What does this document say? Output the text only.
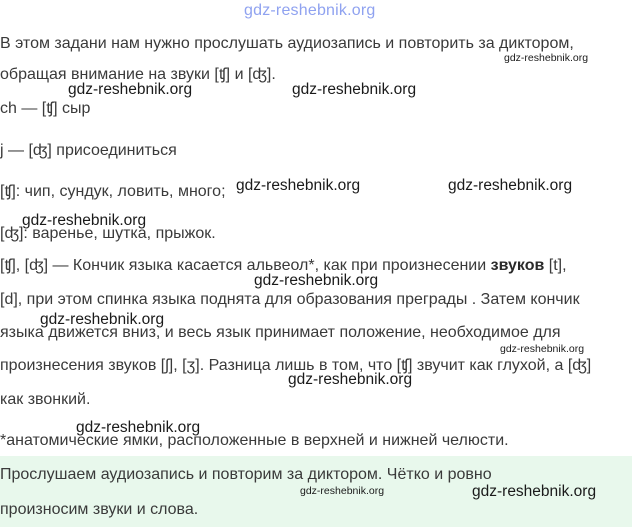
gdz-reshebnik.org
В этом задани нам нужно прослушать аудиозапись и повторить за диктором,
gdz-reshebnik.org
обращая внимание на звуки [ʧ] и [ʤ].
gdz-reshebnik.org	gdz-reshebnik.org
ch — [ʧ] сыр
j — [ʤ] присоединиться
[ʧ]: чип, сундук, ловить, много; gdz-reshebnik.org	gdz-reshebnik.org
gdz-reshebnik.org
[ʤ]: варенье, шутка, прыжок.
[ʧ], [ʤ] — Кончик языка касается альвеол*, как при произнесении звуков [t],
gdz-reshebnik.org
[d], при этом спинка языка поднята для образования преграды . Затем кончик
gdz-reshebnik.org
языка движется вниз, и весь язык принимает положение, необходимое для
gdz-reshebnik.org
произнесения звуков [ʃ], [ʒ]. Разница лишь в том, что [ʧ] звучит как глухой, а [ʤ]
gdz-reshebnik.org
как звонкий.
gdz-reshebnik.org
*анатомические ямки, расположенные в верхней и нижней челюсти.
Прослушаем аудиозапись и повторим за диктором. Чётко и ровно
gdz-reshebnik.org	gdz-reshebnik.org
произносим звуки и слова.
